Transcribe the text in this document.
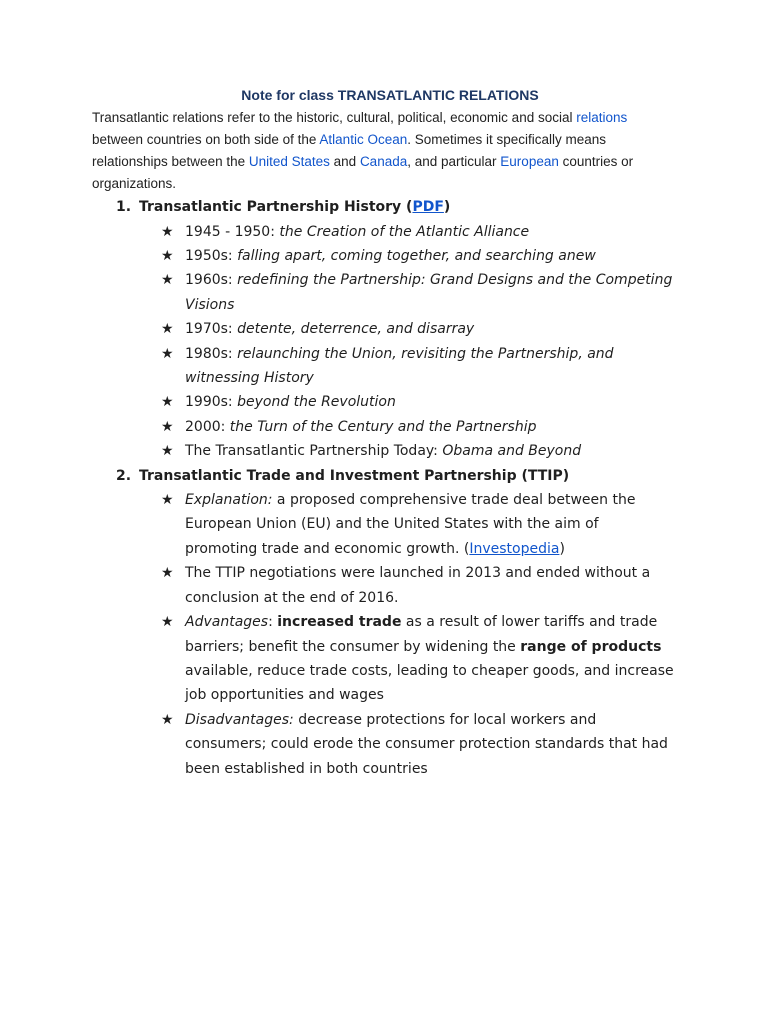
Note for class TRANSATLANTIC RELATIONS

Transatlantic relations refer to the historic, cultural, political, economic and social relations between countries on both side of the Atlantic Ocean. Sometimes it specifically means relationships between the United States and Canada, and particular European countries or organizations.

1. Transatlantic Partnership History (PDF)
★ 1945 - 1950: the Creation of the Atlantic Alliance
★ 1950s: falling apart, coming together, and searching anew
★ 1960s: redefining the Partnership: Grand Designs and the Competing Visions
★ 1970s: detente, deterrence, and disarray
★ 1980s: relaunching the Union, revisiting the Partnership, and witnessing History
★ 1990s: beyond the Revolution
★ 2000: the Turn of the Century and the Partnership
★ The Transatlantic Partnership Today: Obama and Beyond
2. Transatlantic Trade and Investment Partnership (TTIP)
★ Explanation: a proposed comprehensive trade deal between the European Union (EU) and the United States with the aim of promoting trade and economic growth. (Investopedia)
★ The TTIP negotiations were launched in 2013 and ended without a conclusion at the end of 2016.
★ Advantages: increased trade as a result of lower tariffs and trade barriers; benefit the consumer by widening the range of products available, reduce trade costs, leading to cheaper goods, and increase job opportunities and wages
★ Disadvantages: decrease protections for local workers and consumers; could erode the consumer protection standards that had been established in both countries
